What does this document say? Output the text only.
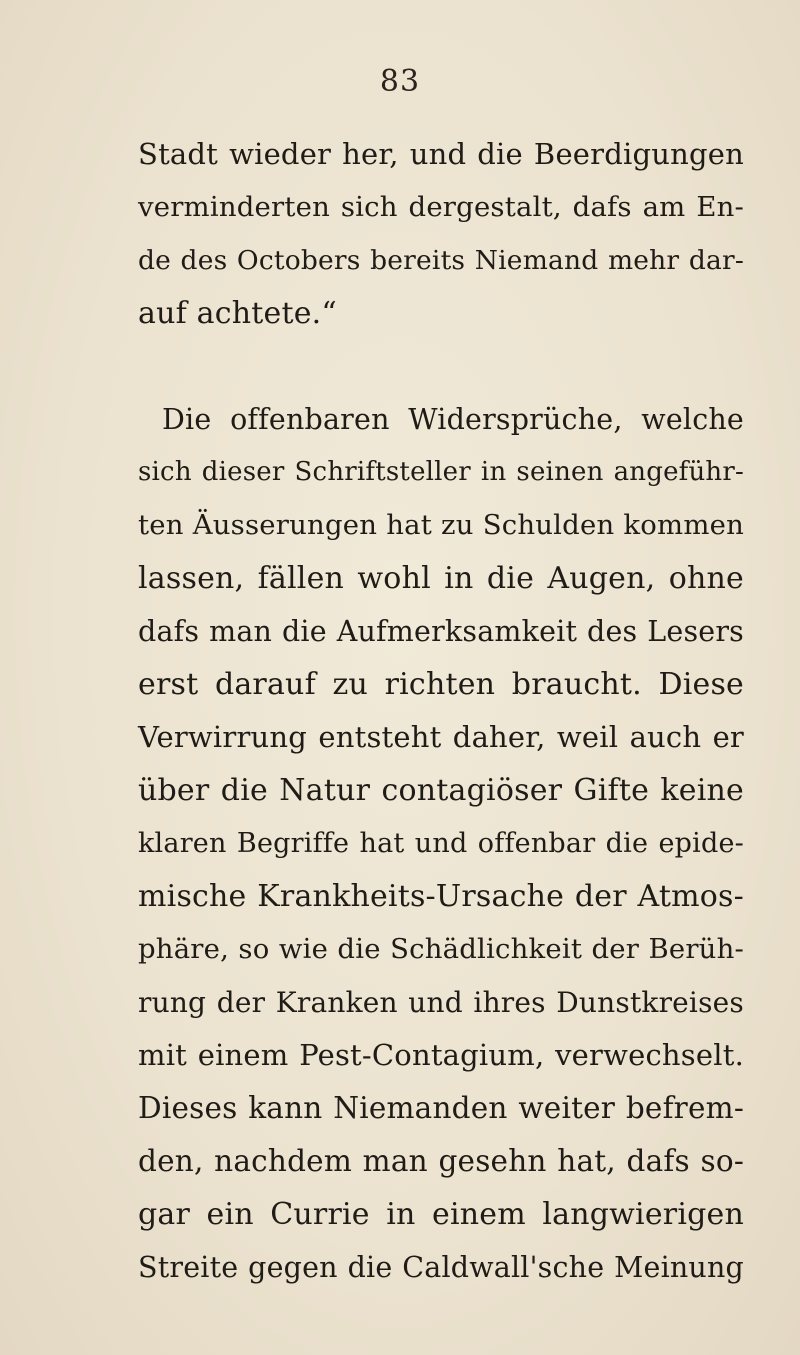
83
Stadt wieder her, und die Beerdigungen
verminderten sich dergestalt, dafs am En-
de des Octobers bereits Niemand mehr dar-
auf achtete.“
Die offenbaren Widersprüche, welche
sich dieser Schriftsteller in seinen angeführ-
ten Äusserungen hat zu Schulden kommen
lassen, fällen wohl in die Augen, ohne
dafs man die Aufmerksamkeit des Lesers
erst darauf zu richten braucht. Diese
Verwirrung entsteht daher, weil auch er
über die Natur contagiöser Gifte keine
klaren Begriffe hat und offenbar die epide-
mische Krankheits-Ursache der Atmos-
phäre, so wie die Schädlichkeit der Berüh-
rung der Kranken und ihres Dunstkreises
mit einem Pest-Contagium, verwechselt.
Dieses kann Niemanden weiter befrem-
den, nachdem man gesehn hat, dafs so-
gar ein Currie in einem langwierigen
Streite gegen die Caldwall'sche Meinung
